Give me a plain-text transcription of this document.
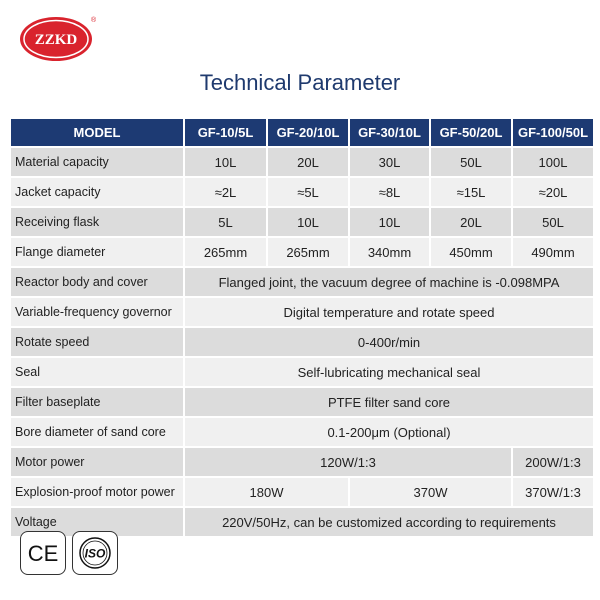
ZZKD
®
Technical Parameter
MODEL	GF-10/5L	GF-20/10L	GF-30/10L	GF-50/20L	GF-100/50L
Material capacity	10L	20L	30L	50L	100L
Jacket capacity	≈2L	≈5L	≈8L	≈15L	≈20L
Receiving flask	5L	10L	10L	20L	50L
Flange diameter	265mm	265mm	340mm	450mm	490mm
Reactor body and cover	Flanged joint, the vacuum degree of machine is -0.098MPA				
Variable-frequency governor	Digital temperature and rotate speed				
Rotate speed	0-400r/min				
Seal	Self-lubricating mechanical seal				
Filter baseplate	PTFE filter sand core				
Bore diameter of sand core	0.1-200μm (Optional)				
Motor power	120W/1:3				200W/1:3
Explosion-proof motor power	180W		370W		370W/1:3
Voltage	220V/50Hz, can be customized according to requirements				
CE ISO
